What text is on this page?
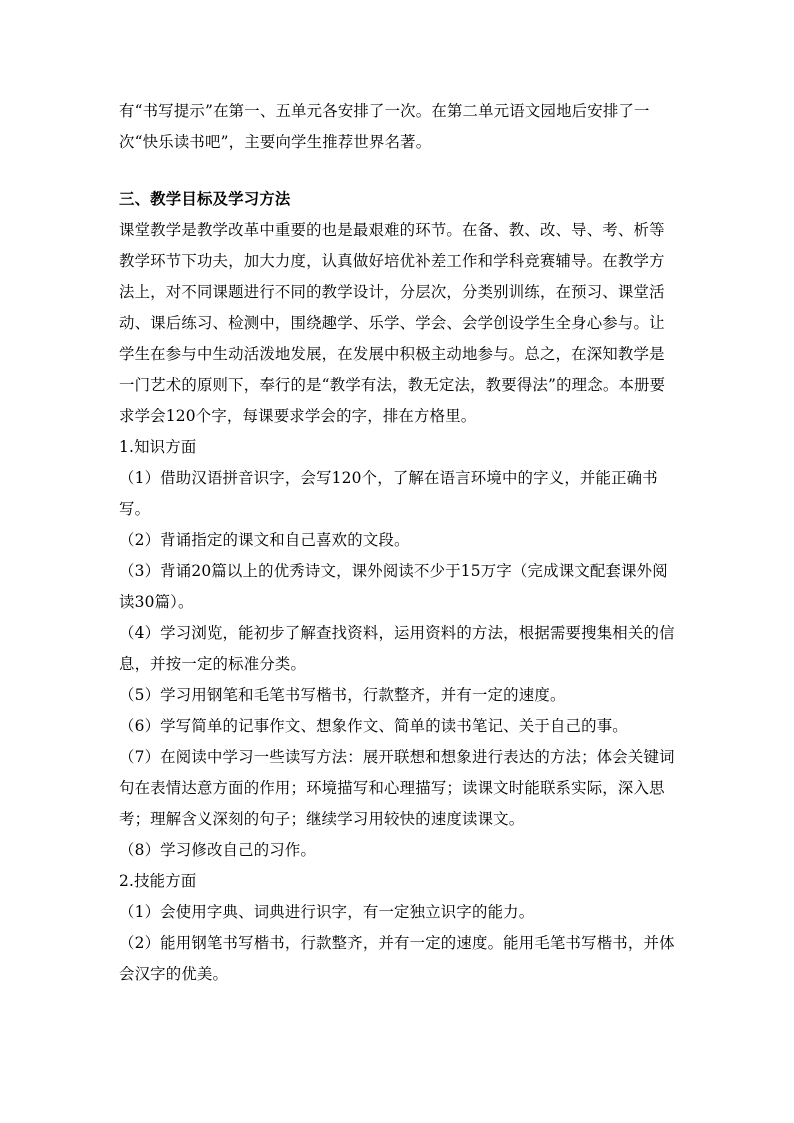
有“书写提示”在第一、五单元各安排了一次。在第二单元语文园地后安排了一次“快乐读书吧”，主要向学生推荐世界名著。

三、教学目标及学习方法

课堂教学是教学改革中重要的也是最艰难的环节。在备、教、改、导、考、析等教学环节下功夫，加大力度，认真做好培优补差工作和学科竞赛辅导。在教学方法上，对不同课题进行不同的教学设计，分层次，分类别训练，在预习、课堂活动、课后练习、检测中，围绕趣学、乐学、学会、会学创设学生全身心参与。让学生在参与中生动活泼地发展，在发展中积极主动地参与。总之，在深知教学是一门艺术的原则下，奉行的是“教学有法，教无定法，教要得法”的理念。本册要求学会120个字，每课要求学会的字，排在方格里。

1.知识方面

（1）借助汉语拼音识字，会写120个，了解在语言环境中的字义，并能正确书写。

（2）背诵指定的课文和自己喜欢的文段。

（3）背诵20篇以上的优秀诗文，课外阅读不少于15万字（完成课文配套课外阅读30篇）。

（4）学习浏览，能初步了解查找资料，运用资料的方法，根据需要搜集相关的信息，并按一定的标准分类。

（5）学习用钢笔和毛笔书写楷书，行款整齐，并有一定的速度。

（6）学写简单的记事作文、想象作文、简单的读书笔记、关于自己的事。

（7）在阅读中学习一些读写方法：展开联想和想象进行表达的方法；体会关键词句在表情达意方面的作用；环境描写和心理描写；读课文时能联系实际，深入思考；理解含义深刻的句子；继续学习用较快的速度读课文。

（8）学习修改自己的习作。

2.技能方面

（1）会使用字典、词典进行识字，有一定独立识字的能力。

（2）能用钢笔书写楷书，行款整齐，并有一定的速度。能用毛笔书写楷书，并体会汉字的优美。
